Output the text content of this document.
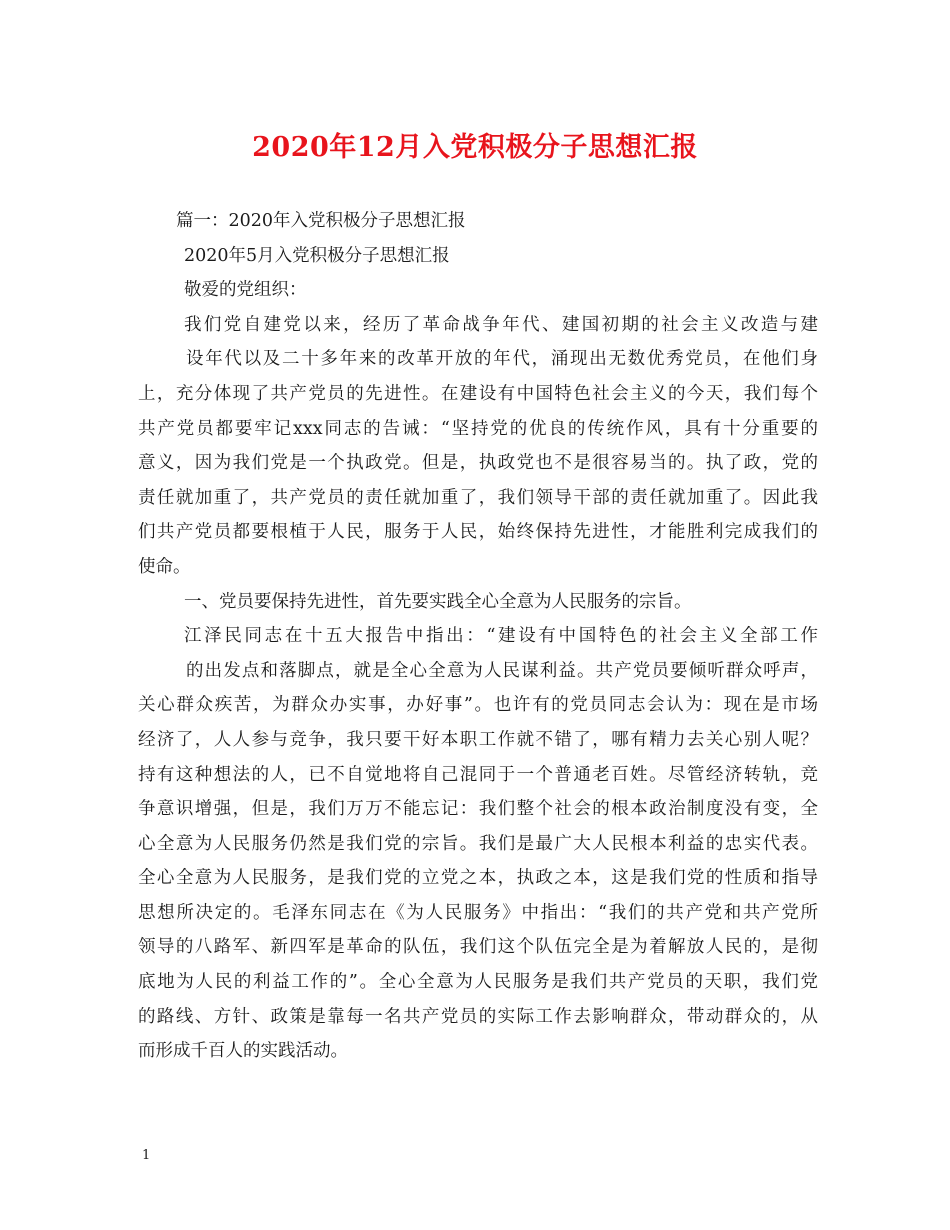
2020年12月入党积极分子思想汇报
篇一：2020年入党积极分子思想汇报
2020年5月入党积极分子思想汇报
敬爱的党组织：
我们党自建党以来，经历了革命战争年代、建国初期的社会主义改造与建
设年代以及二十多年来的改革开放的年代，涌现出无数优秀党员，在他们身
上，充分体现了共产党员的先进性。在建设有中国特色社会主义的今天，我们每个
共产党员都要牢记xxx同志的告诫：“坚持党的优良的传统作风，具有十分重要的
意义，因为我们党是一个执政党。但是，执政党也不是很容易当的。执了政，党的
责任就加重了，共产党员的责任就加重了，我们领导干部的责任就加重了。因此我
们共产党员都要根植于人民，服务于人民，始终保持先进性，才能胜利完成我们的
使命。
一、党员要保持先进性，首先要实践全心全意为人民服务的宗旨。
江泽民同志在十五大报告中指出：“建设有中国特色的社会主义全部工作
的出发点和落脚点，就是全心全意为人民谋利益。共产党员要倾听群众呼声，
关心群众疾苦，为群众办实事，办好事”。也许有的党员同志会认为：现在是市场
经济了，人人参与竞争，我只要干好本职工作就不错了，哪有精力去关心别人呢？
持有这种想法的人，已不自觉地将自己混同于一个普通老百姓。尽管经济转轨，竞
争意识增强，但是，我们万万不能忘记：我们整个社会的根本政治制度没有变，全
心全意为人民服务仍然是我们党的宗旨。我们是最广大人民根本利益的忠实代表。
全心全意为人民服务，是我们党的立党之本，执政之本，这是我们党的性质和指导
思想所决定的。毛泽东同志在《为人民服务》中指出：“我们的共产党和共产党所
领导的八路军、新四军是革命的队伍，我们这个队伍完全是为着解放人民的，是彻
底地为人民的利益工作的”。全心全意为人民服务是我们共产党员的天职，我们党
的路线、方针、政策是靠每一名共产党员的实际工作去影响群众，带动群众的，从
而形成千百人的实践活动。
1
